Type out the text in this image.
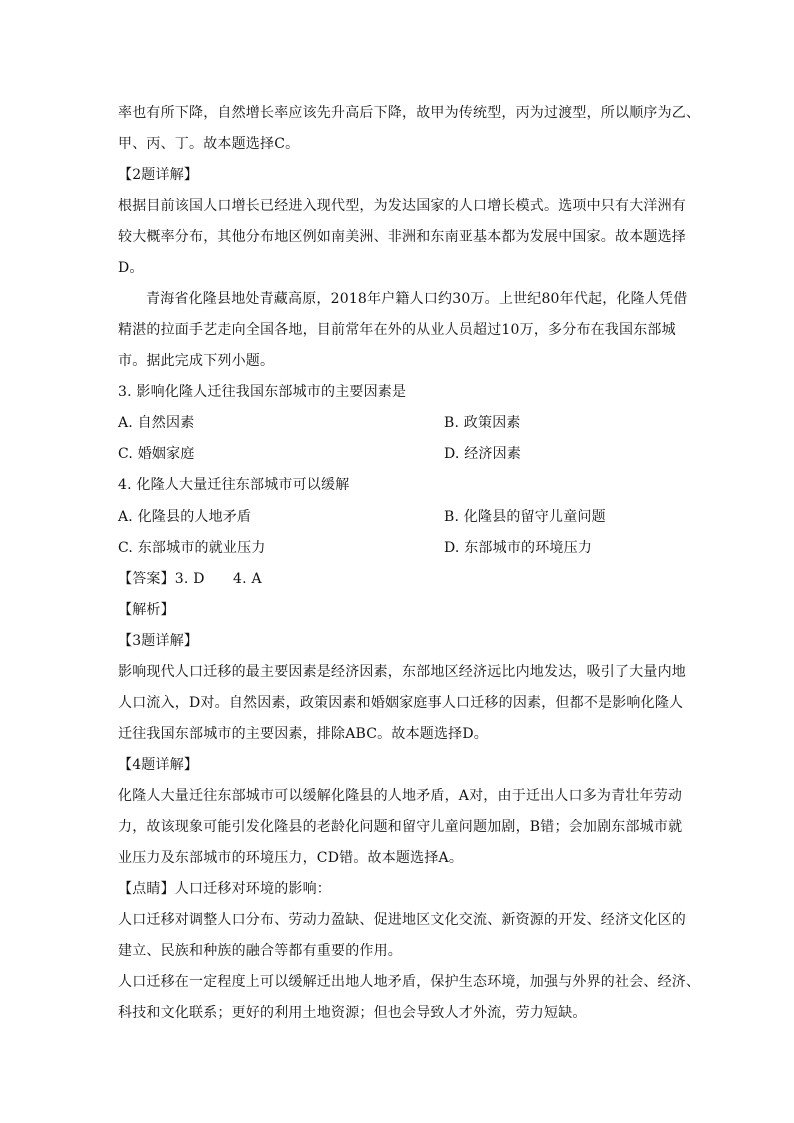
率也有所下降，自然增长率应该先升高后下降，故甲为传统型，丙为过渡型，所以顺序为乙、
甲、丙、丁。故本题选择C。
【2题详解】
根据目前该国人口增长已经进入现代型，为发达国家的人口增长模式。选项中只有大洋洲有
较大概率分布，其他分布地区例如南美洲、非洲和东南亚基本都为发展中国家。故本题选择
D。
青海省化隆县地处青藏高原，2018年户籍人口约30万。上世纪80年代起，化隆人凭借
精湛的拉面手艺走向全国各地，目前常年在外的从业人员超过10万，多分布在我国东部城
市。据此完成下列小题。
3. 影响化隆人迁往我国东部城市的主要因素是
A. 自然因素	B. 政策因素
C. 婚姻家庭	D. 经济因素
4. 化隆人大量迁往东部城市可以缓解
A. 化隆县的人地矛盾	B. 化隆县的留守儿童问题
C. 东部城市的就业压力	D. 东部城市的环境压力
【答案】3. D　　4. A
【解析】
【3题详解】
影响现代人口迁移的最主要因素是经济因素，东部地区经济远比内地发达，吸引了大量内地
人口流入，D对。自然因素，政策因素和婚姻家庭事人口迁移的因素，但都不是影响化隆人
迁往我国东部城市的主要因素，排除ABC。故本题选择D。
【4题详解】
化隆人大量迁往东部城市可以缓解化隆县的人地矛盾，A对，由于迁出人口多为青壮年劳动
力，故该现象可能引发化隆县的老龄化问题和留守儿童问题加剧，B错；会加剧东部城市就
业压力及东部城市的环境压力，CD错。故本题选择A。
【点睛】人口迁移对环境的影响：
人口迁移对调整人口分布、劳动力盈缺、促进地区文化交流、新资源的开发、经济文化区的
建立、民族和种族的融合等都有重要的作用。
人口迁移在一定程度上可以缓解迁出地人地矛盾，保护生态环境，加强与外界的社会、经济、
科技和文化联系；更好的利用土地资源；但也会导致人才外流，劳力短缺。
